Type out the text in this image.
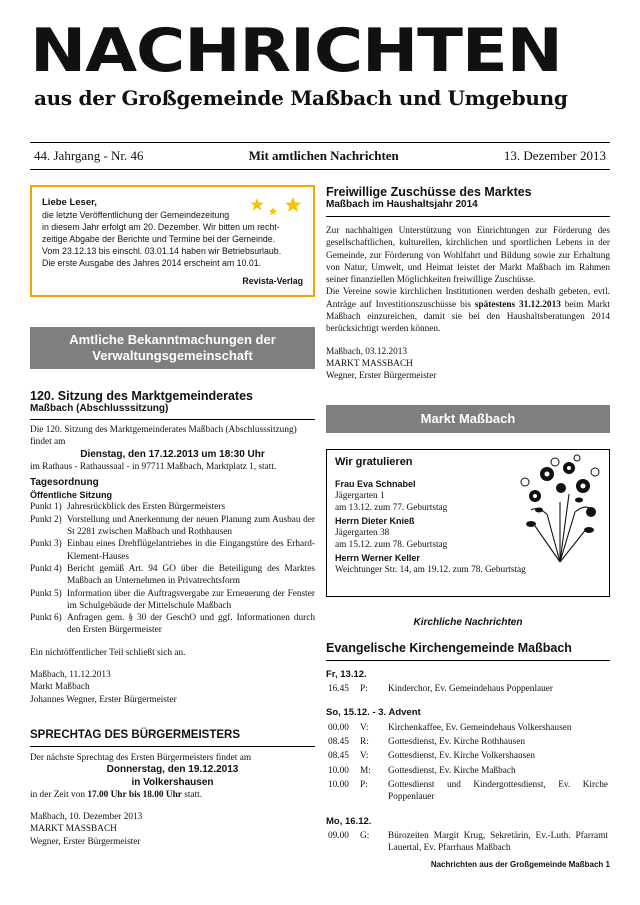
NACHRICHTEN
aus der Großgemeinde Maßbach und Umgebung
44. Jahrgang - Nr. 46	Mit amtlichen Nachrichten	13. Dezember 2013
Liebe Leser,
die letzte Veröffentlichung der Gemeindezeitung
in diesem Jahr erfolgt am 20. Dezember. Wir bitten um recht-
zeitige Abgabe der Berichte und Termine bei der Gemeinde.
Vom 23.12.13 bis einschl. 03.01.14 haben wir Betriebsurlaub.
Die erste Ausgabe des Jahres 2014 erscheint am 10.01.
Revista-Verlag
Amtliche Bekanntmachungen der
Verwaltungsgemeinschaft
120. Sitzung des Marktgemeinderates
Maßbach (Abschlusssitzung)
Die 120. Sitzung des Marktgemeinderates Maßbach (Abschlusssitzung)
findet am
Dienstag, den 17.12.2013 um 18:30 Uhr
im Rathaus - Rathaussaal - in 97711 Maßbach, Marktplatz 1, statt.
Tagesordnung
Öffentliche Sitzung
Punkt 1)	Jahresrückblick des Ersten Bürgermeisters
Punkt 2)	Vorstellung und Anerkennung der neuen Planung zum Ausbau der St 2281 zwischen Maßbach und Rothhausen
Punkt 3)	Einbau eines Drehflügelantriebes in die Eingangstüre des Erhard-Klement-Hauses
Punkt 4)	Bericht gemäß Art. 94 GO über die Beteiligung des Marktes Maßbach an Unternehmen in Privatrechtsform
Punkt 5)	Information über die Auftragsvergabe zur Erneuerung der Fenster im Schulgebäude der Mittelschule Maßbach
Punkt 6)	Anfragen gem. § 30 der GeschO und ggf. Informationen durch den Ersten Bürgermeister
Ein nichtöffentlicher Teil schließt sich an.
Maßbach, 11.12.2013
Markt Maßbach
Johannes Wegner, Erster Bürgermeister
SPRECHTAG DES BÜRGERMEISTERS
Der nächste Sprechtag des Ersten Bürgermeisters findet am
Donnerstag, den 19.12.2013
in Volkershausen
in der Zeit von 17.00 Uhr bis 18.00 Uhr statt.
Maßbach, 10. Dezember 2013
MARKT MASSBACH
Wegner, Erster Bürgermeister
Freiwillige Zuschüsse des Marktes
Maßbach im Haushaltsjahr 2014
Zur nachhaltigen Unterstützung von Einrichtungen zur Förderung des gesellschaftlichen, kulturellen, kirchlichen und sportlichen Lebens in der Gemeinde, zur Förderung von Wohlfahrt und Bildung sowie zur Erhaltung von Natur, Umwelt, und Heimat leistet der Markt Maßbach im Rahmen seiner finanziellen Möglichkeiten freiwillige Zuschüsse.
Die Vereine sowie kirchlichen Institutionen werden deshalb gebeten, evtl. Anträge auf Investitionszuschüsse bis spätestens 31.12.2013 beim Markt Maßbach einzureichen, damit sie bei den Haushaltsberatungen 2014 berücksichtigt werden können.
Maßbach, 03.12.2013
MARKT MASSBACH
Wegner, Erster Bürgermeister
Markt Maßbach
Wir gratulieren
Frau Eva Schnabel
Jägergarten 1
am 13.12. zum 77. Geburtstag
Herrn Dieter Knieß
Jägergarten 38
am 15.12. zum 78. Geburtstag
Herrn Werner Keller
Weichtunger Str. 14, am 19.12. zum 78. Geburtstag
Kirchliche Nachrichten
Evangelische Kirchengemeinde Maßbach
Fr, 13.12.
16.45	P:	Kinderchor, Ev. Gemeindehaus Poppenlauer
So, 15.12. - 3. Advent
00.00	V:	Kirchenkaffee, Ev. Gemeindehaus Volkershausen
08.45	R:	Gottesdienst, Ev. Kirche Rothhausen
08.45	V:	Gottesdienst, Ev. Kirche Volkershausen
10.00	M:	Gottesdienst, Ev. Kirche Maßbach
10.00	P:	Gottesdienst und Kindergottesdienst, Ev. Kirche Poppenlauer
Mo, 16.12.
09.00	G:	Bürozeiten Margit Krug, Sekretärin, Ev.-Luth. Pfarramt Lauertal, Ev. Pfarrhaus Maßbach
Nachrichten aus der Großgemeinde Maßbach 1
